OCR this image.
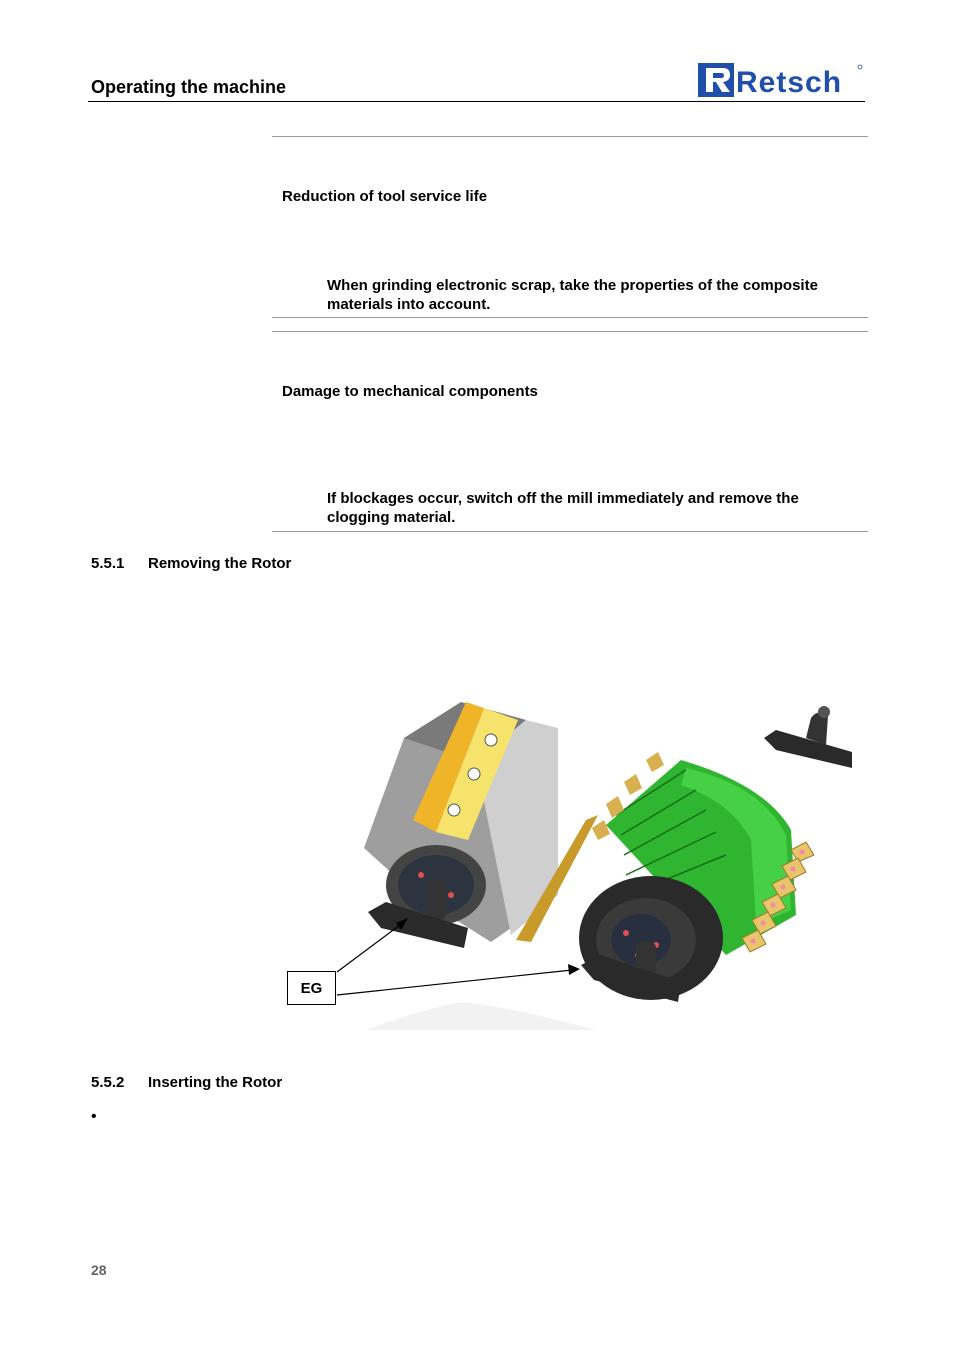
Operating the machine	Retsch
Reduction of tool service life
When grinding electronic scrap, take the properties of the composite materials into account.
Damage to mechanical components
If blockages occur, switch off the mill immediately and remove the clogging material.
5.5.1 Removing the Rotor
EG
5.5.2 Inserting the Rotor
•
28
